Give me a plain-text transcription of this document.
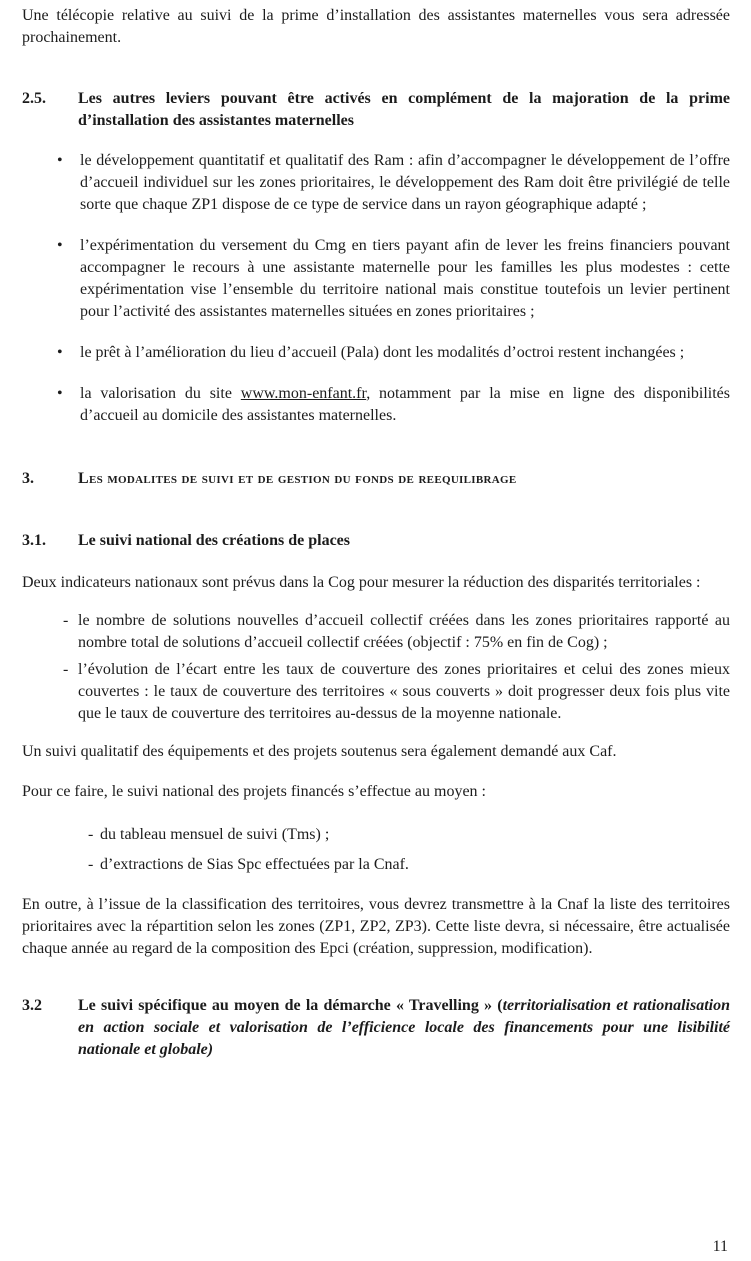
Une télécopie relative au suivi de la prime d’installation des assistantes maternelles vous sera adressée prochainement.

2.5.	Les autres leviers pouvant être activés en complément de la majoration de la prime d’installation des assistantes maternelles
• le développement quantitatif et qualitatif des Ram : afin d’accompagner le développement de l’offre d’accueil individuel sur les zones prioritaires, le développement des Ram doit être privilégié de telle sorte que chaque ZP1 dispose de ce type de service dans un rayon géographique adapté ;
• l’expérimentation du versement du Cmg en tiers payant afin de lever les freins financiers pouvant accompagner le recours à une assistante maternelle pour les familles les plus modestes : cette expérimentation vise l’ensemble du territoire national mais constitue toutefois un levier pertinent pour l’activité des assistantes maternelles situées en zones prioritaires ;
• le prêt à l’amélioration du lieu d’accueil (Pala) dont les modalités d’octroi restent inchangées ;
• la valorisation du site www.mon-enfant.fr, notamment par la mise en ligne des disponibilités d’accueil au domicile des assistantes maternelles.
3.	Les modalites de suivi et de gestion du fonds de reequilibrage
3.1.	Le suivi national des créations de places

Deux indicateurs nationaux sont prévus dans la Cog pour mesurer la réduction des disparités territoriales :

- le nombre de solutions nouvelles d’accueil collectif créées dans les zones prioritaires rapporté au nombre total de solutions d’accueil collectif créées (objectif : 75% en fin de Cog) ;
- l’évolution de l’écart entre les taux de couverture des zones prioritaires et celui des zones mieux couvertes : le taux de couverture des territoires « sous couverts » doit progresser deux fois plus vite que le taux de couverture des territoires au-dessus de la moyenne nationale.

Un suivi qualitatif des équipements et des projets soutenus sera également demandé aux Caf.

Pour ce faire, le suivi national des projets financés s’effectue au moyen :

- du tableau mensuel de suivi (Tms) ;
- d’extractions de Sias Spc effectuées par la Cnaf.

En outre, à l’issue de la classification des territoires, vous devrez transmettre à la Cnaf la liste des territoires prioritaires avec la répartition selon les zones (ZP1, ZP2, ZP3). Cette liste devra, si nécessaire, être actualisée chaque année au regard de la composition des Epci (création, suppression, modification).

3.2	Le suivi spécifique au moyen de la démarche « Travelling » (territorialisation et rationalisation en action sociale et valorisation de l’efficience locale des financements pour une lisibilité nationale et globale)
11
